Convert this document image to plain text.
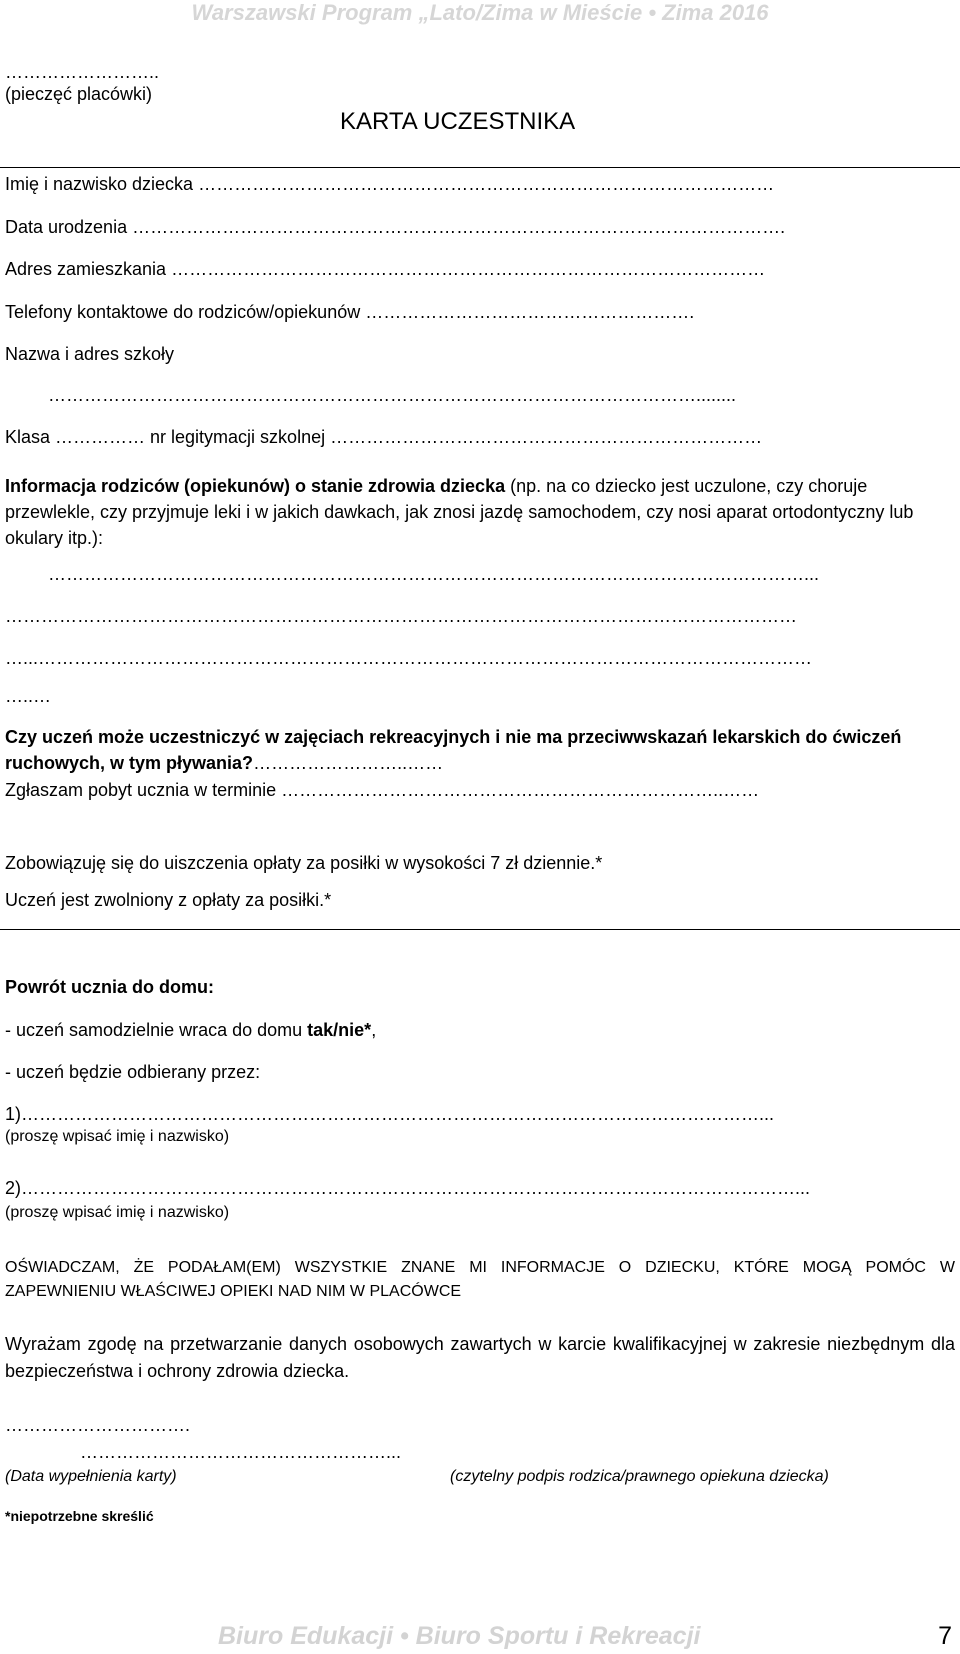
Warszawski Program „Lato/Zima w Mieście • Zima 2016
……………………..
(pieczęć placówki)
KARTA UCZESTNIKA
Imię i nazwisko dziecka ……………………………………………………………………………………
Data urodzenia ……………………………………………………………………………………………….
Adres zamieszkania ………………………………………………………………………………………
Telefony kontaktowe do rodziców/opiekunów ……………………………………………….
Nazwa i adres szkoły
………………………………………………………………………………………………........
Klasa …………… nr legitymacji szkolnej ………………………………………………………………
Informacja rodziców (opiekunów) o stanie zdrowia dziecka (np. na co dziecko jest uczulone, czy choruje przewlekle, czy przyjmuje leki i w jakich dawkach, jak znosi jazdę samochodem, czy nosi aparat ortodontyczny lub okulary itp.):
………………………………………………………………………………………………………………...
……………………………………………………………………………………………………………………
…...…………………………………………………………………………………………………………………
…..…
Czy uczeń może uczestniczyć w zajęciach rekreacyjnych i nie ma przeciwwskazań lekarskich do ćwiczeń ruchowych, w tym pływania?……………………..……
Zgłaszam pobyt ucznia w terminie ………………………………………………………………..……
Zobowiązuję się do uiszczenia opłaty za posiłki w wysokości 7 zł dziennie.*
Uczeń jest zwolniony z opłaty za posiłki.*
Powrót ucznia do domu:
- uczeń samodzielnie wraca do domu tak/nie*,
- uczeń będzie odbierany przez:
1)……………………………………………………………………………………………………………...
(proszę wpisać imię i nazwisko)
2)…………………………………………………………………………………………………………………...
(proszę wpisać imię i nazwisko)
OŚWIADCZAM, ŻE PODAŁAM(EM) WSZYSTKIE ZNANE MI INFORMACJE O DZIECKU, KTÓRE MOGĄ POMÓC W ZAPEWNIENIU WŁAŚCIWEJ OPIEKI NAD NIM W PLACÓWCE
Wyrażam zgodę na przetwarzanie danych osobowych zawartych w karcie kwalifikacyjnej w zakresie niezbędnym dla bezpieczeństwa i ochrony zdrowia dziecka.
………………………….
……………………………………………...
(Data wypełnienia karty)	(czytelny podpis rodzica/prawnego opiekuna dziecka)
*niepotrzebne skreślić
Biuro Edukacji • Biuro Sportu i Rekreacji	7
